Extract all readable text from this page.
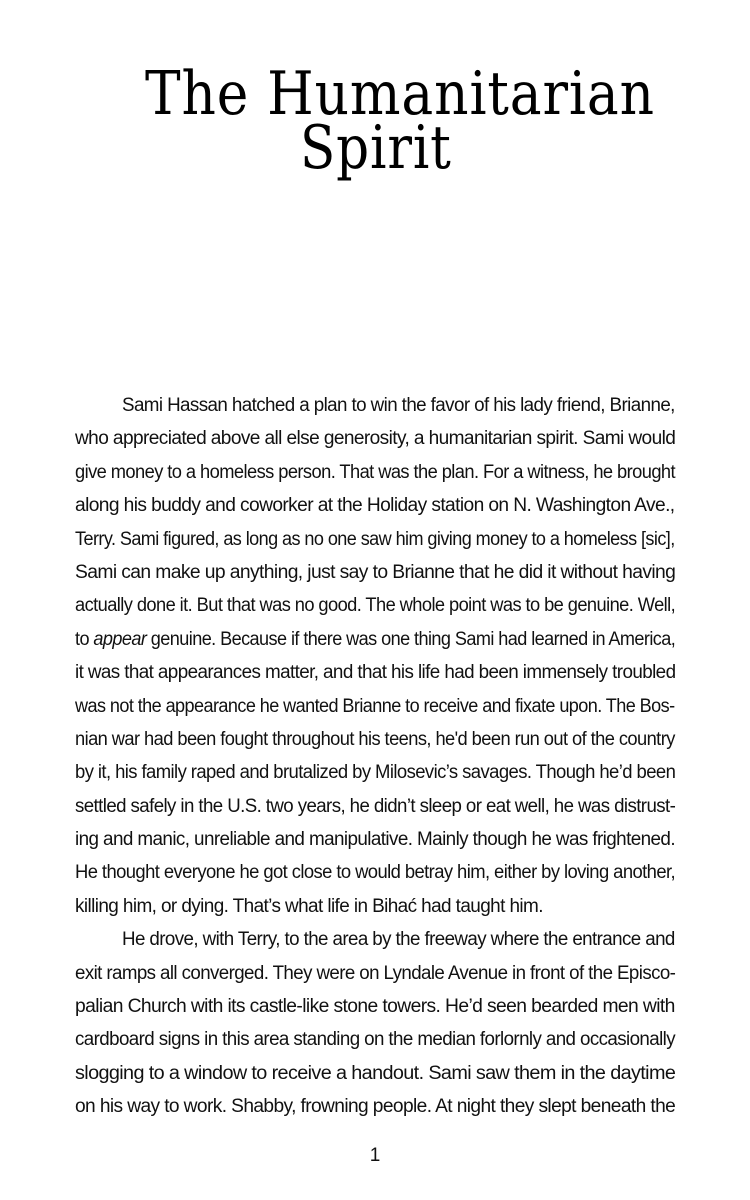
The Humanitarian
Spirit
Sami Hassan hatched a plan to win the favor of his lady friend, Brianne,
who appreciated above all else generosity, a humanitarian spirit. Sami would
give money to a homeless person. That was the plan. For a witness, he brought
along his buddy and coworker at the Holiday station on N. Washington Ave.,
Terry. Sami figured, as long as no one saw him giving money to a homeless [sic],
Sami can make up anything, just say to Brianne that he did it without having
actually done it. But that was no good. The whole point was to be genuine. Well,
to appear genuine. Because if there was one thing Sami had learned in America,
it was that appearances matter, and that his life had been immensely troubled
was not the appearance he wanted Brianne to receive and fixate upon. The Bos-
nian war had been fought throughout his teens, he'd been run out of the country
by it, his family raped and brutalized by Milosevic’s savages. Though he’d been
settled safely in the U.S. two years, he didn’t sleep or eat well, he was distrust-
ing and manic, unreliable and manipulative. Mainly though he was frightened.
He thought everyone he got close to would betray him, either by loving another,
killing him, or dying. That’s what life in Bihać had taught him.
He drove, with Terry, to the area by the freeway where the entrance and
exit ramps all converged. They were on Lyndale Avenue in front of the Episco-
palian Church with its castle-like stone towers. He’d seen bearded men with
cardboard signs in this area standing on the median forlornly and occasionally
slogging to a window to receive a handout. Sami saw them in the daytime
on his way to work. Shabby, frowning people. At night they slept beneath the
1
